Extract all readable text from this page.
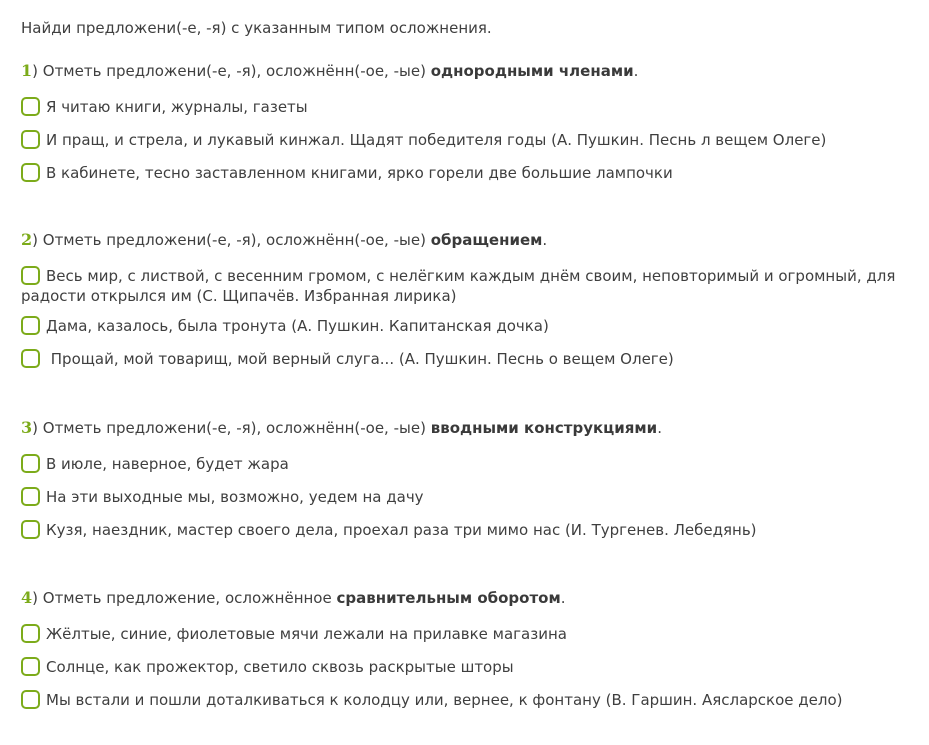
Найди предложени(-е, -я) с указанным типом осложнения.
1) Отметь предложени(-е, -я), осложнённ(-ое, -ые) однородными членами.
Я читаю книги, журналы, газеты
И пращ, и стрела, и лукавый кинжал. Щадят победителя годы (А. Пушкин. Песнь л вещем Олеге)
В кабинете, тесно заставленном книгами, ярко горели две большие лампочки
2) Отметь предложени(-е, -я), осложнённ(-ое, -ые) обращением.
Весь мир, с листвой, с весенним громом, с нелёгким каждым днём своим, неповторимый и огромный, для
радости открылся им (С. Щипачёв. Избранная лирика)
Дама, казалось, была тронута (А. Пушкин. Капитанская дочка)
Прощай, мой товарищ, мой верный слуга... (А. Пушкин. Песнь о вещем Олеге)
3) Отметь предложени(-е, -я), осложнённ(-ое, -ые) вводными конструкциями.
В июле, наверное, будет жара
На эти выходные мы, возможно, уедем на дачу
Кузя, наездник, мастер своего дела, проехал раза три мимо нас (И. Тургенев. Лебедянь)
4) Отметь предложение, осложнённое сравнительным оборотом.
Жёлтые, синие, фиолетовые мячи лежали на прилавке магазина
Солнце, как прожектор, светило сквозь раскрытые шторы
Мы встали и пошли доталкиваться к колодцу или, вернее, к фонтану (В. Гаршин. Аясларское дело)
